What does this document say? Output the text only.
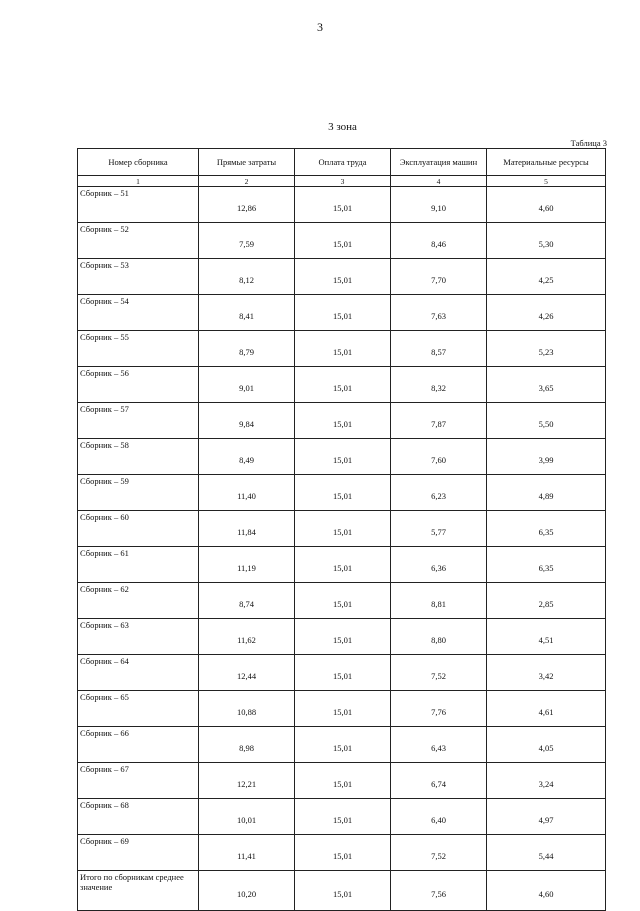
3
3 зона
Таблица 3
Номер сборника	Прямые затраты	Оплата труда	Эксплуатация машин	Материальные ресурсы
1	2	3	4	5
Сборник – 51	12,86	15,01	9,10	4,60
Сборник – 52	7,59	15,01	8,46	5,30
Сборник – 53	8,12	15,01	7,70	4,25
Сборник – 54	8,41	15,01	7,63	4,26
Сборник – 55	8,79	15,01	8,57	5,23
Сборник – 56	9,01	15,01	8,32	3,65
Сборник – 57	9,84	15,01	7,87	5,50
Сборник – 58	8,49	15,01	7,60	3,99
Сборник – 59	11,40	15,01	6,23	4,89
Сборник – 60	11,84	15,01	5,77	6,35
Сборник – 61	11,19	15,01	6,36	6,35
Сборник – 62	8,74	15,01	8,81	2,85
Сборник – 63	11,62	15,01	8,80	4,51
Сборник – 64	12,44	15,01	7,52	3,42
Сборник – 65	10,88	15,01	7,76	4,61
Сборник – 66	8,98	15,01	6,43	4,05
Сборник – 67	12,21	15,01	6,74	3,24
Сборник – 68	10,01	15,01	6,40	4,97
Сборник – 69	11,41	15,01	7,52	5,44
Итого по сборникам среднее значение	10,20	15,01	7,56	4,60
